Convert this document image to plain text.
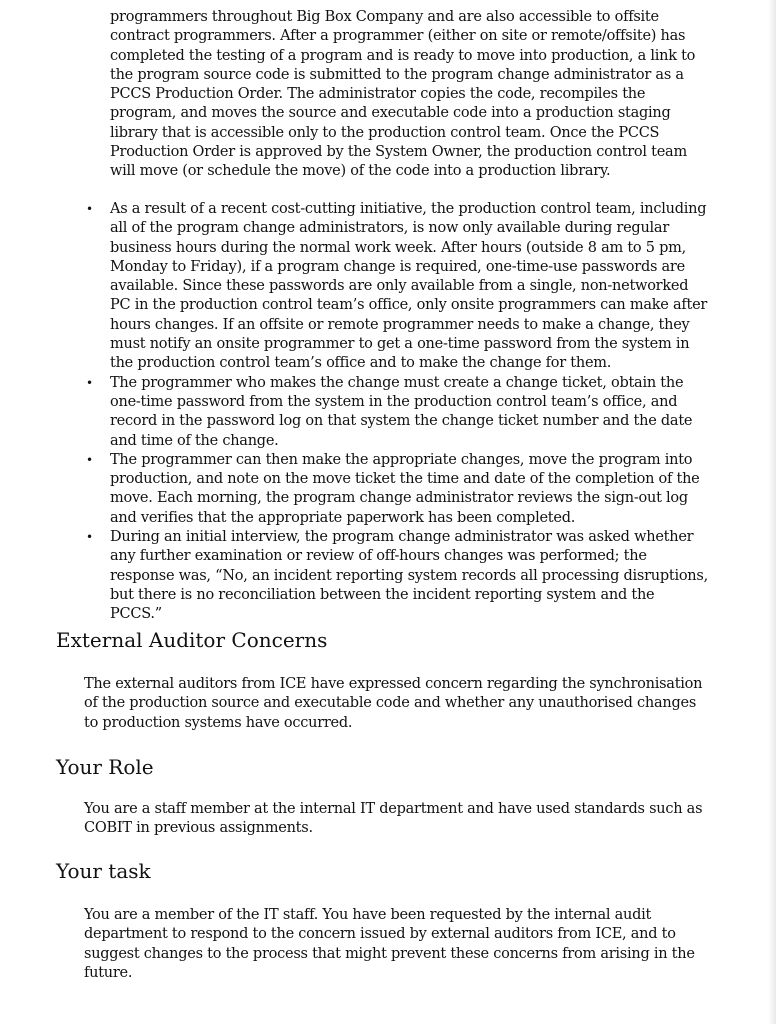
programmers throughout Big Box Company and are also accessible to offsite contract programmers. After a programmer (either on site or remote/offsite) has completed the testing of a program and is ready to move into production, a link to the program source code is submitted to the program change administrator as a PCCS Production Order. The administrator copies the code, recompiles the program, and moves the source and executable code into a production staging library that is accessible only to the production control team. Once the PCCS Production Order is approved by the System Owner, the production control team will move (or schedule the move) of the code into a production library.

• As a result of a recent cost-cutting initiative, the production control team, including all of the program change administrators, is now only available during regular business hours during the normal work week. After hours (outside 8 am to 5 pm, Monday to Friday), if a program change is required, one-time-use passwords are available. Since these passwords are only available from a single, non-networked PC in the production control team’s office, only onsite programmers can make after hours changes. If an offsite or remote programmer needs to make a change, they must notify an onsite programmer to get a one-time password from the system in the production control team’s office and to make the change for them.
• The programmer who makes the change must create a change ticket, obtain the one-time password from the system in the production control team’s office, and record in the password log on that system the change ticket number and the date and time of the change.
• The programmer can then make the appropriate changes, move the program into production, and note on the move ticket the time and date of the completion of the move. Each morning, the program change administrator reviews the sign-out log and verifies that the appropriate paperwork has been completed.
• During an initial interview, the program change administrator was asked whether any further examination or review of off-hours changes was performed; the response was, “No, an incident reporting system records all processing disruptions, but there is no reconciliation between the incident reporting system and the PCCS.”
External Auditor Concerns

The external auditors from ICE have expressed concern regarding the synchronisation of the production source and executable code and whether any unauthorised changes to production systems have occurred.

Your Role

You are a staff member at the internal IT department and have used standards such as COBIT in previous assignments.

Your task

You are a member of the IT staff. You have been requested by the internal audit department to respond to the concern issued by external auditors from ICE, and to suggest changes to the process that might prevent these concerns from arising in the future.
